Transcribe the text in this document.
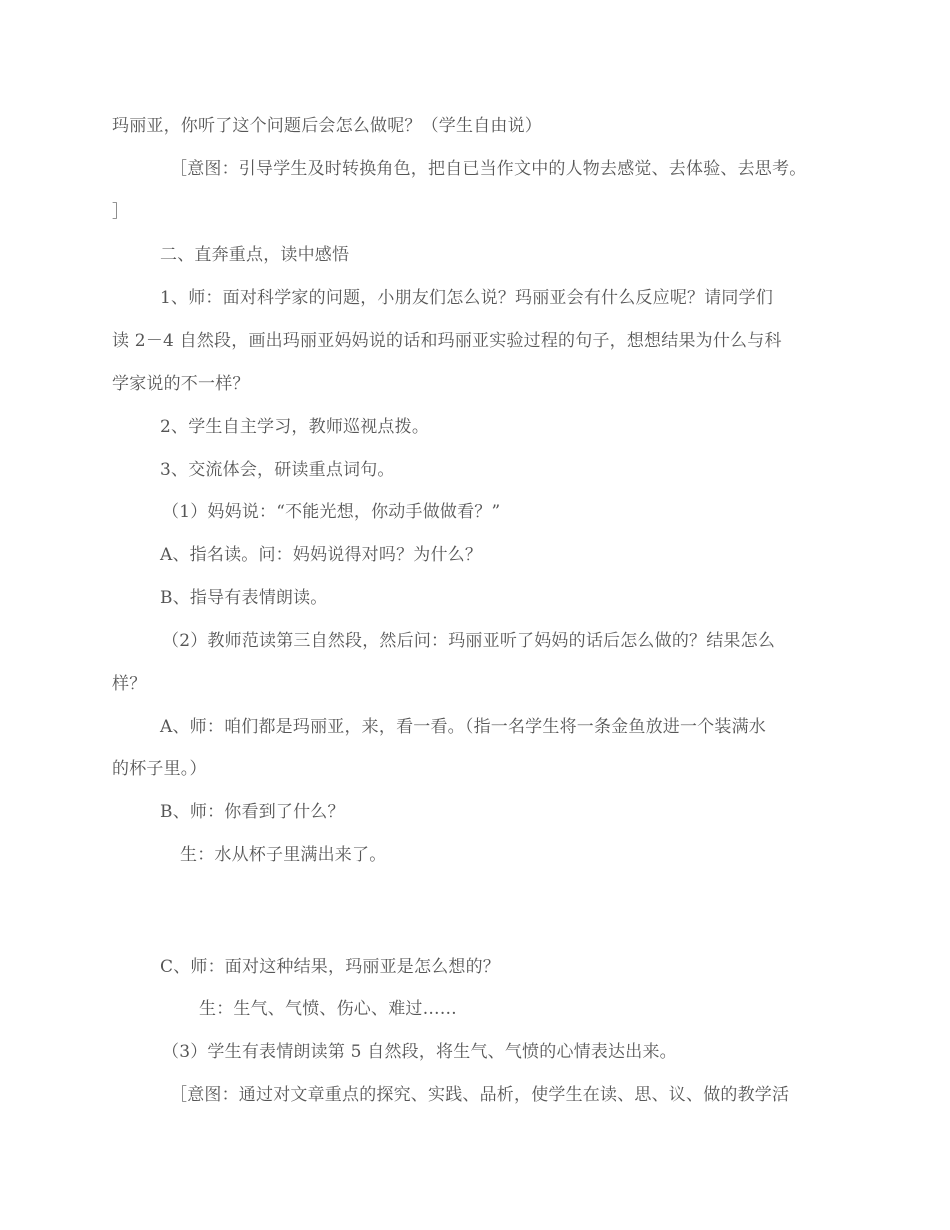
玛丽亚，你听了这个问题后会怎么做呢？（学生自由说）
［意图：引导学生及时转换角色，把自已当作文中的人物去感觉、去体验、去思考。
］
二、直奔重点，读中感悟
1、师：面对科学家的问题，小朋友们怎么说？玛丽亚会有什么反应呢？请同学们
读 2－4 自然段，画出玛丽亚妈妈说的话和玛丽亚实验过程的句子，想想结果为什么与科
学家说的不一样？
2、学生自主学习，教师巡视点拨。
3、交流体会，研读重点词句。
（1）妈妈说：“不能光想，你动手做做看？”
A、指名读。问：妈妈说得对吗？为什么？
B、指导有表情朗读。
（2）教师范读第三自然段，然后问：玛丽亚听了妈妈的话后怎么做的？结果怎么
样？
A、师：咱们都是玛丽亚，来，看一看。（指一名学生将一条金鱼放进一个装满水
的杯子里。）
B、师：你看到了什么？
生：水从杯子里满出来了。
C、师：面对这种结果，玛丽亚是怎么想的？
生：生气、气愤、伤心、难过……
（3）学生有表情朗读第 5 自然段，将生气、气愤的心情表达出来。
［意图：通过对文章重点的探究、实践、品析，使学生在读、思、议、做的教学活
